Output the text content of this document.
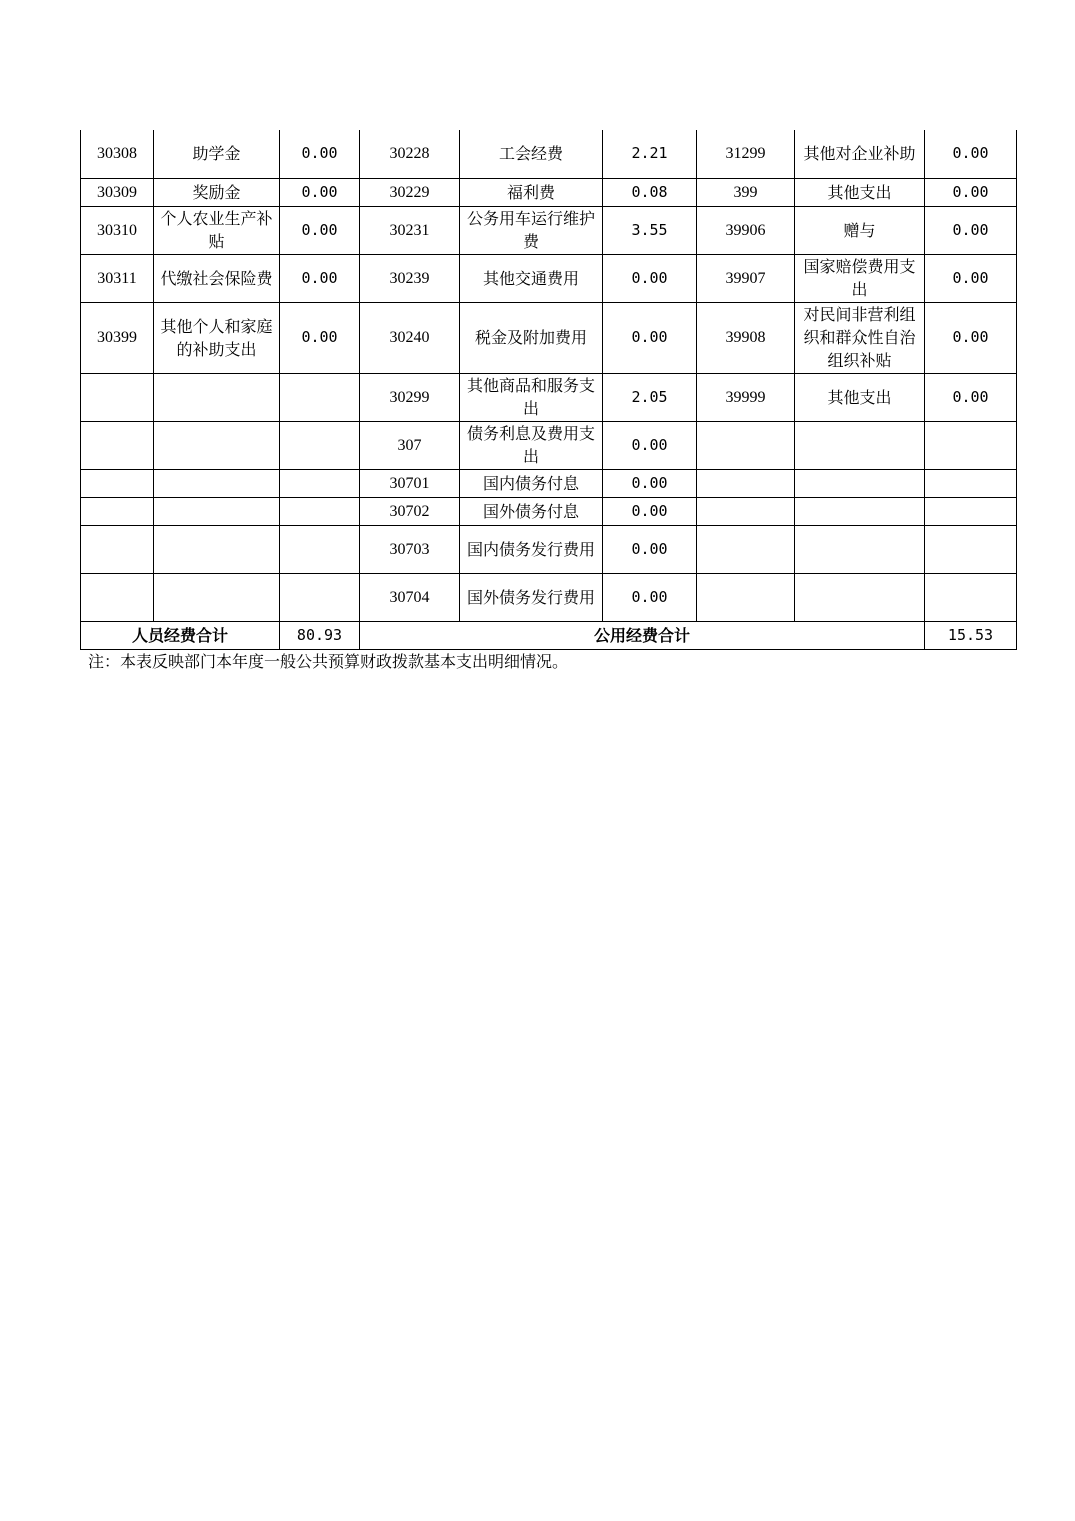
30308	助学金	0.00	30228	工会经费	2.21	31299	其他对企业补助	0.00
30309	奖励金	0.00	30229	福利费	0.08	399	其他支出	0.00
30310	个人农业生产补贴	0.00	30231	公务用车运行维护费	3.55	39906	赠与	0.00
30311	代缴社会保险费	0.00	30239	其他交通费用	0.00	39907	国家赔偿费用支出	0.00
30399	其他个人和家庭的补助支出	0.00	30240	税金及附加费用	0.00	39908	对民间非营利组织和群众性自治组织补贴	0.00
			30299	其他商品和服务支出	2.05	39999	其他支出	0.00
			307	债务利息及费用支出	0.00			
			30701	国内债务付息	0.00			
			30702	国外债务付息	0.00			
			30703	国内债务发行费用	0.00			
			30704	国外债务发行费用	0.00			
人员经费合计		80.93	公用经费合计					15.53
注：本表反映部门本年度一般公共预算财政拨款基本支出明细情况。
